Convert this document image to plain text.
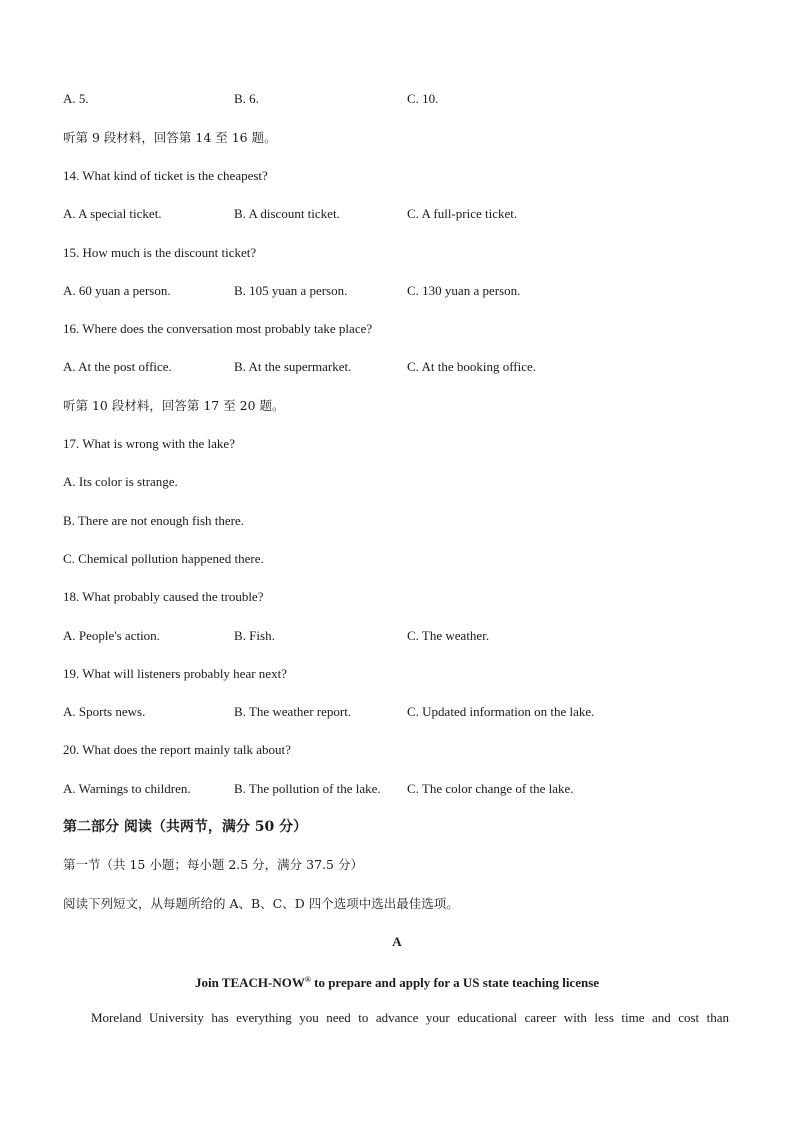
A. 5.	B. 6.	C. 10.
听第 9 段材料，回答第 14 至 16 题。
14. What kind of ticket is the cheapest?
A. A special ticket.	B. A discount ticket.	C. A full-price ticket.
15. How much is the discount ticket?
A. 60 yuan a person.	B. 105 yuan a person.	C. 130 yuan a person.
16. Where does the conversation most probably take place?
A. At the post office.	B. At the supermarket.	C. At the booking office.
听第 10 段材料，回答第 17 至 20 题。
17. What is wrong with the lake?
A. Its color is strange.
B. There are not enough fish there.
C. Chemical pollution happened there.
18. What probably caused the trouble?
A. People's action.	B. Fish.	C. The weather.
19. What will listeners probably hear next?
A. Sports news.	B. The weather report.	C. Updated information on the lake.
20. What does the report mainly talk about?
A. Warnings to children.	B. The pollution of the lake. C. The color change of the lake.
第二部分 阅读（共两节，满分 50 分）
第一节（共 15 小题；每小题 2.5 分，满分 37.5 分）
阅读下列短文，从每题所给的 A、B、C、D 四个选项中选出最佳选项。
A
Join TEACH-NOW® to prepare and apply for a US state teaching license
Moreland University has everything you need to advance your educational career with less time and cost than
